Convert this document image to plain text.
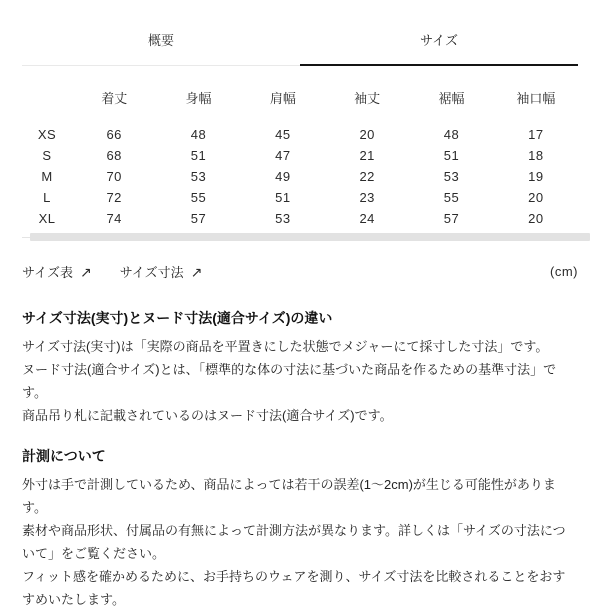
概要	サイズ
	着丈	身幅	肩幅	袖丈	裾幅	袖口幅
XS	66	48	45	20	48	17
S	68	51	47	21	51	18
M	70	53	49	22	53	19
L	72	55	51	23	55	20
XL	74	57	53	24	57	20
サイズ表 ↗ サイズ寸法 ↗	(cm)
サイズ寸法(実寸)とヌード寸法(適合サイズ)の違い

サイズ寸法(実寸)は「実際の商品を平置きにした状態でメジャーにて採寸した寸法」です。

ヌード寸法(適合サイズ)とは、「標準的な体の寸法に基づいた商品を作るための基準寸法」です。

商品吊り札に記載されているのはヌード寸法(適合サイズ)です。

計測について

外寸は手で計測しているため、商品によっては若干の誤差(1〜2cm)が生じる可能性があります。

素材や商品形状、付属品の有無によって計測方法が異なります。詳しくは「サイズの寸法について」をご覧ください。

フィット感を確かめるために、お手持ちのウェアを測り、サイズ寸法を比較されることをおすすめいたします。
